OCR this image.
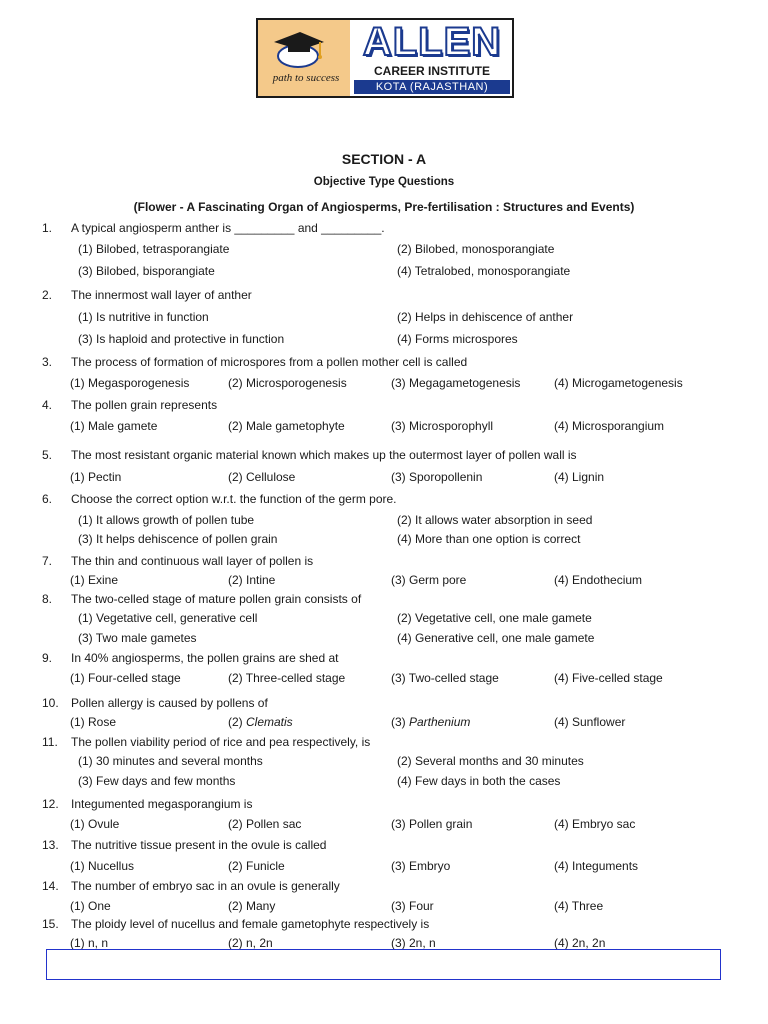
path to success
ALLEN
CAREER INSTITUTE
KOTA (RAJASTHAN)
SECTION - A
Objective Type Questions
(Flower - A Fascinating Organ of Angiosperms, Pre-fertilisation : Structures and Events)
1. A typical angiosperm anther is _________ and _________.
(1) Bilobed, tetrasporangiate	(2) Bilobed, monosporangiate
(3) Bilobed, bisporangiate	(4) Tetralobed, monosporangiate
2. The innermost wall layer of anther
(1) Is nutritive in function	(2) Helps in dehiscence of anther
(3) Is haploid and protective in function	(4) Forms microspores
3. The process of formation of microspores from a pollen mother cell is called
(1) Megasporogenesis	(2) Microsporogenesis	(3) Megagametogenesis	(4) Microgametogenesis
4. The pollen grain represents
(1) Male gamete	(2) Male gametophyte	(3) Microsporophyll	(4) Microsporangium
5. The most resistant organic material known which makes up the outermost layer of pollen wall is
(1) Pectin	(2) Cellulose	(3) Sporopollenin	(4) Lignin
6. Choose the correct option w.r.t. the function of the germ pore.
(1) It allows growth of pollen tube	(2) It allows water absorption in seed
(3) It helps dehiscence of pollen grain	(4) More than one option is correct
7. The thin and continuous wall layer of pollen is
(1) Exine	(2) Intine	(3) Germ pore	(4) Endothecium
8. The two-celled stage of mature pollen grain consists of
(1) Vegetative cell, generative cell	(2) Vegetative cell, one male gamete
(3) Two male gametes	(4) Generative cell, one male gamete
9. In 40% angiosperms, the pollen grains are shed at
(1) Four-celled stage	(2) Three-celled stage	(3) Two-celled stage	(4) Five-celled stage
10. Pollen allergy is caused by pollens of
(1) Rose	(2) Clematis	(3) Parthenium	(4) Sunflower
11. The pollen viability period of rice and pea respectively, is
(1) 30 minutes and several months	(2) Several months and 30 minutes
(3) Few days and few months	(4) Few days in both the cases
12. Integumented megasporangium is
(1) Ovule	(2) Pollen sac	(3) Pollen grain	(4) Embryo sac
13. The nutritive tissue present in the ovule is called
(1) Nucellus	(2) Funicle	(3) Embryo	(4) Integuments
14. The number of embryo sac in an ovule is generally
(1) One	(2) Many	(3) Four	(4) Three
15. The ploidy level of nucellus and female gametophyte respectively is
(1) n, n	(2) n, 2n	(3) 2n, n	(4) 2n, 2n
